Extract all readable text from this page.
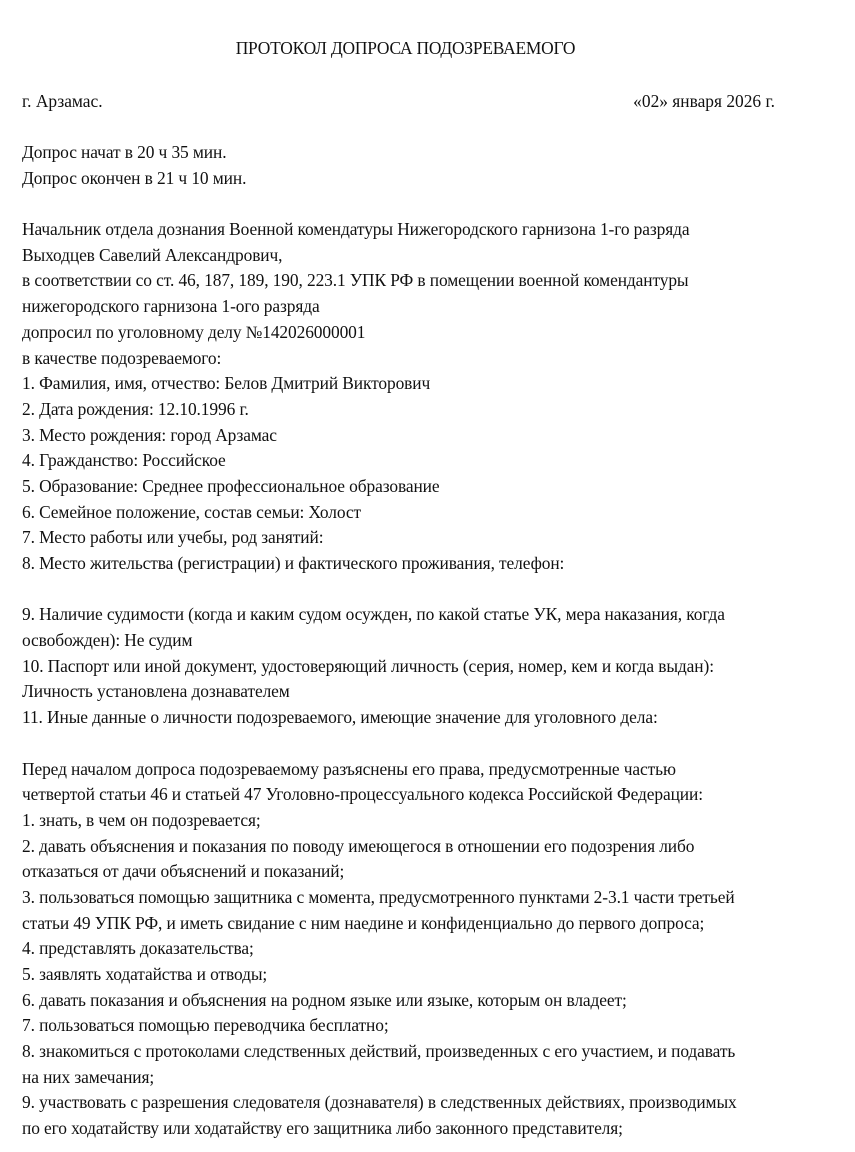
ПРОТОКОЛ ДОПРОСА ПОДОЗРЕВАЕМОГО
г. Арзамас.	«02» января 2026 г.
Допрос начат в 20 ч 35 мин.
Допрос окончен в 21 ч 10 мин.
Начальник отдела дознания Военной комендатуры Нижегородского гарнизона 1-го разряда
Выходцев Савелий Александрович,
в соответствии со ст. 46, 187, 189, 190, 223.1 УПК РФ в помещении военной комендантуры
нижегородского гарнизона 1-ого разряда
допросил по уголовному делу №142026000001
в качестве подозреваемого:
1. Фамилия, имя, отчество: Белов Дмитрий Викторович
2. Дата рождения: 12.10.1996 г.
3. Место рождения: город Арзамас
4. Гражданство: Российское
5. Образование: Среднее профессиональное образование
6. Семейное положение, состав семьи: Холост
7. Место работы или учебы, род занятий:
8. Место жительства (регистрации) и фактического проживания, телефон:
9. Наличие судимости (когда и каким судом осужден, по какой статье УК, мера наказания, когда
освобожден): Не судим
10. Паспорт или иной документ, удостоверяющий личность (серия, номер, кем и когда выдан):
Личность установлена дознавателем
11. Иные данные о личности подозреваемого, имеющие значение для уголовного дела:
Перед началом допроса подозреваемому разъяснены его права, предусмотренные частью
четвертой статьи 46 и статьей 47 Уголовно-процессуального кодекса Российской Федерации:
1. знать, в чем он подозревается;
2. давать объяснения и показания по поводу имеющегося в отношении его подозрения либо
отказаться от дачи объяснений и показаний;
3. пользоваться помощью защитника с момента, предусмотренного пунктами 2-3.1 части третьей
статьи 49 УПК РФ, и иметь свидание с ним наедине и конфиденциально до первого допроса;
4. представлять доказательства;
5. заявлять ходатайства и отводы;
6. давать показания и объяснения на родном языке или языке, которым он владеет;
7. пользоваться помощью переводчика бесплатно;
8. знакомиться с протоколами следственных действий, произведенных с его участием, и подавать
на них замечания;
9. участвовать с разрешения следователя (дознавателя) в следственных действиях, производимых
по его ходатайству или ходатайству его защитника либо законного представителя;
